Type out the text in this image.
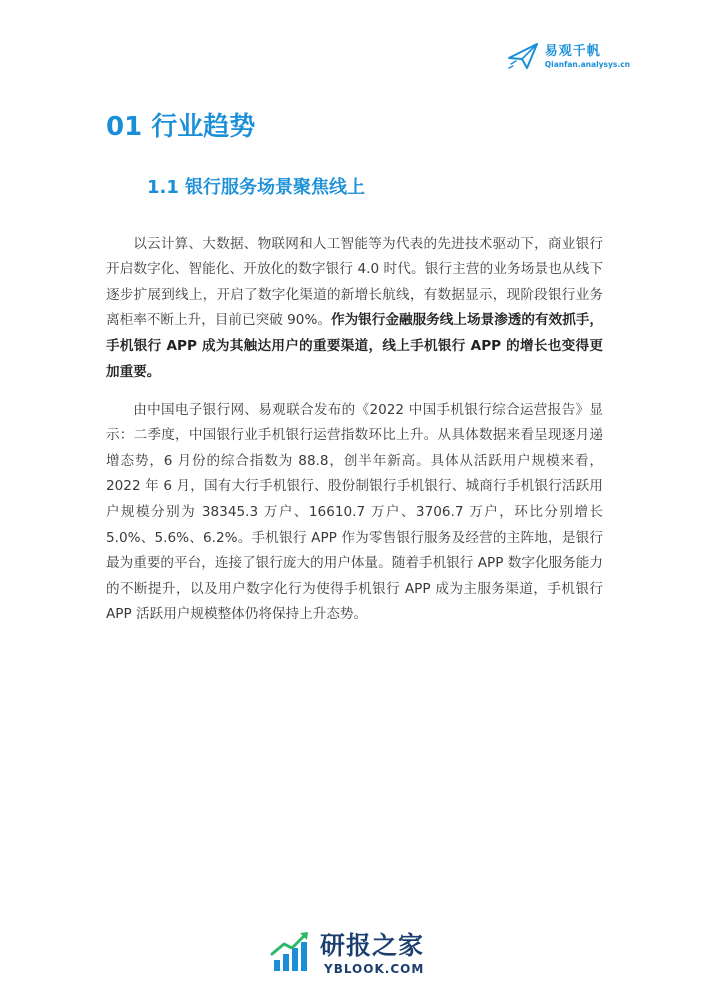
易观千帆
Qianfan.analysys.cn
01 行业趋势
1.1 银行服务场景聚焦线上

以云计算、大数据、物联网和人工智能等为代表的先进技术驱动下，商业银行开启数字化、智能化、开放化的数字银行 4.0 时代。银行主营的业务场景也从线下逐步扩展到线上，开启了数字化渠道的新增长航线，有数据显示，现阶段银行业务离柜率不断上升，目前已突破 90%。作为银行金融服务线上场景渗透的有效抓手，手机银行 APP 成为其触达用户的重要渠道，线上手机银行 APP 的增长也变得更加重要。

由中国电子银行网、易观联合发布的《2022 中国手机银行综合运营报告》显示：二季度，中国银行业手机银行运营指数环比上升。从具体数据来看呈现逐月递增态势，6 月份的综合指数为 88.8，创半年新高。具体从活跃用户规模来看，2022 年 6 月，国有大行手机银行、股份制银行手机银行、城商行手机银行活跃用户规模分别为 38345.3 万户、16610.7 万户、3706.7 万户，环比分别增长 5.0%、5.6%、6.2%。手机银行 APP 作为零售银行服务及经营的主阵地，是银行最为重要的平台，连接了银行庞大的用户体量。随着手机银行 APP 数字化服务能力的不断提升，以及用户数字化行为使得手机银行 APP 成为主服务渠道，手机银行 APP 活跃用户规模整体仍将保持上升态势。

研报之家
YBLOOK.COM
